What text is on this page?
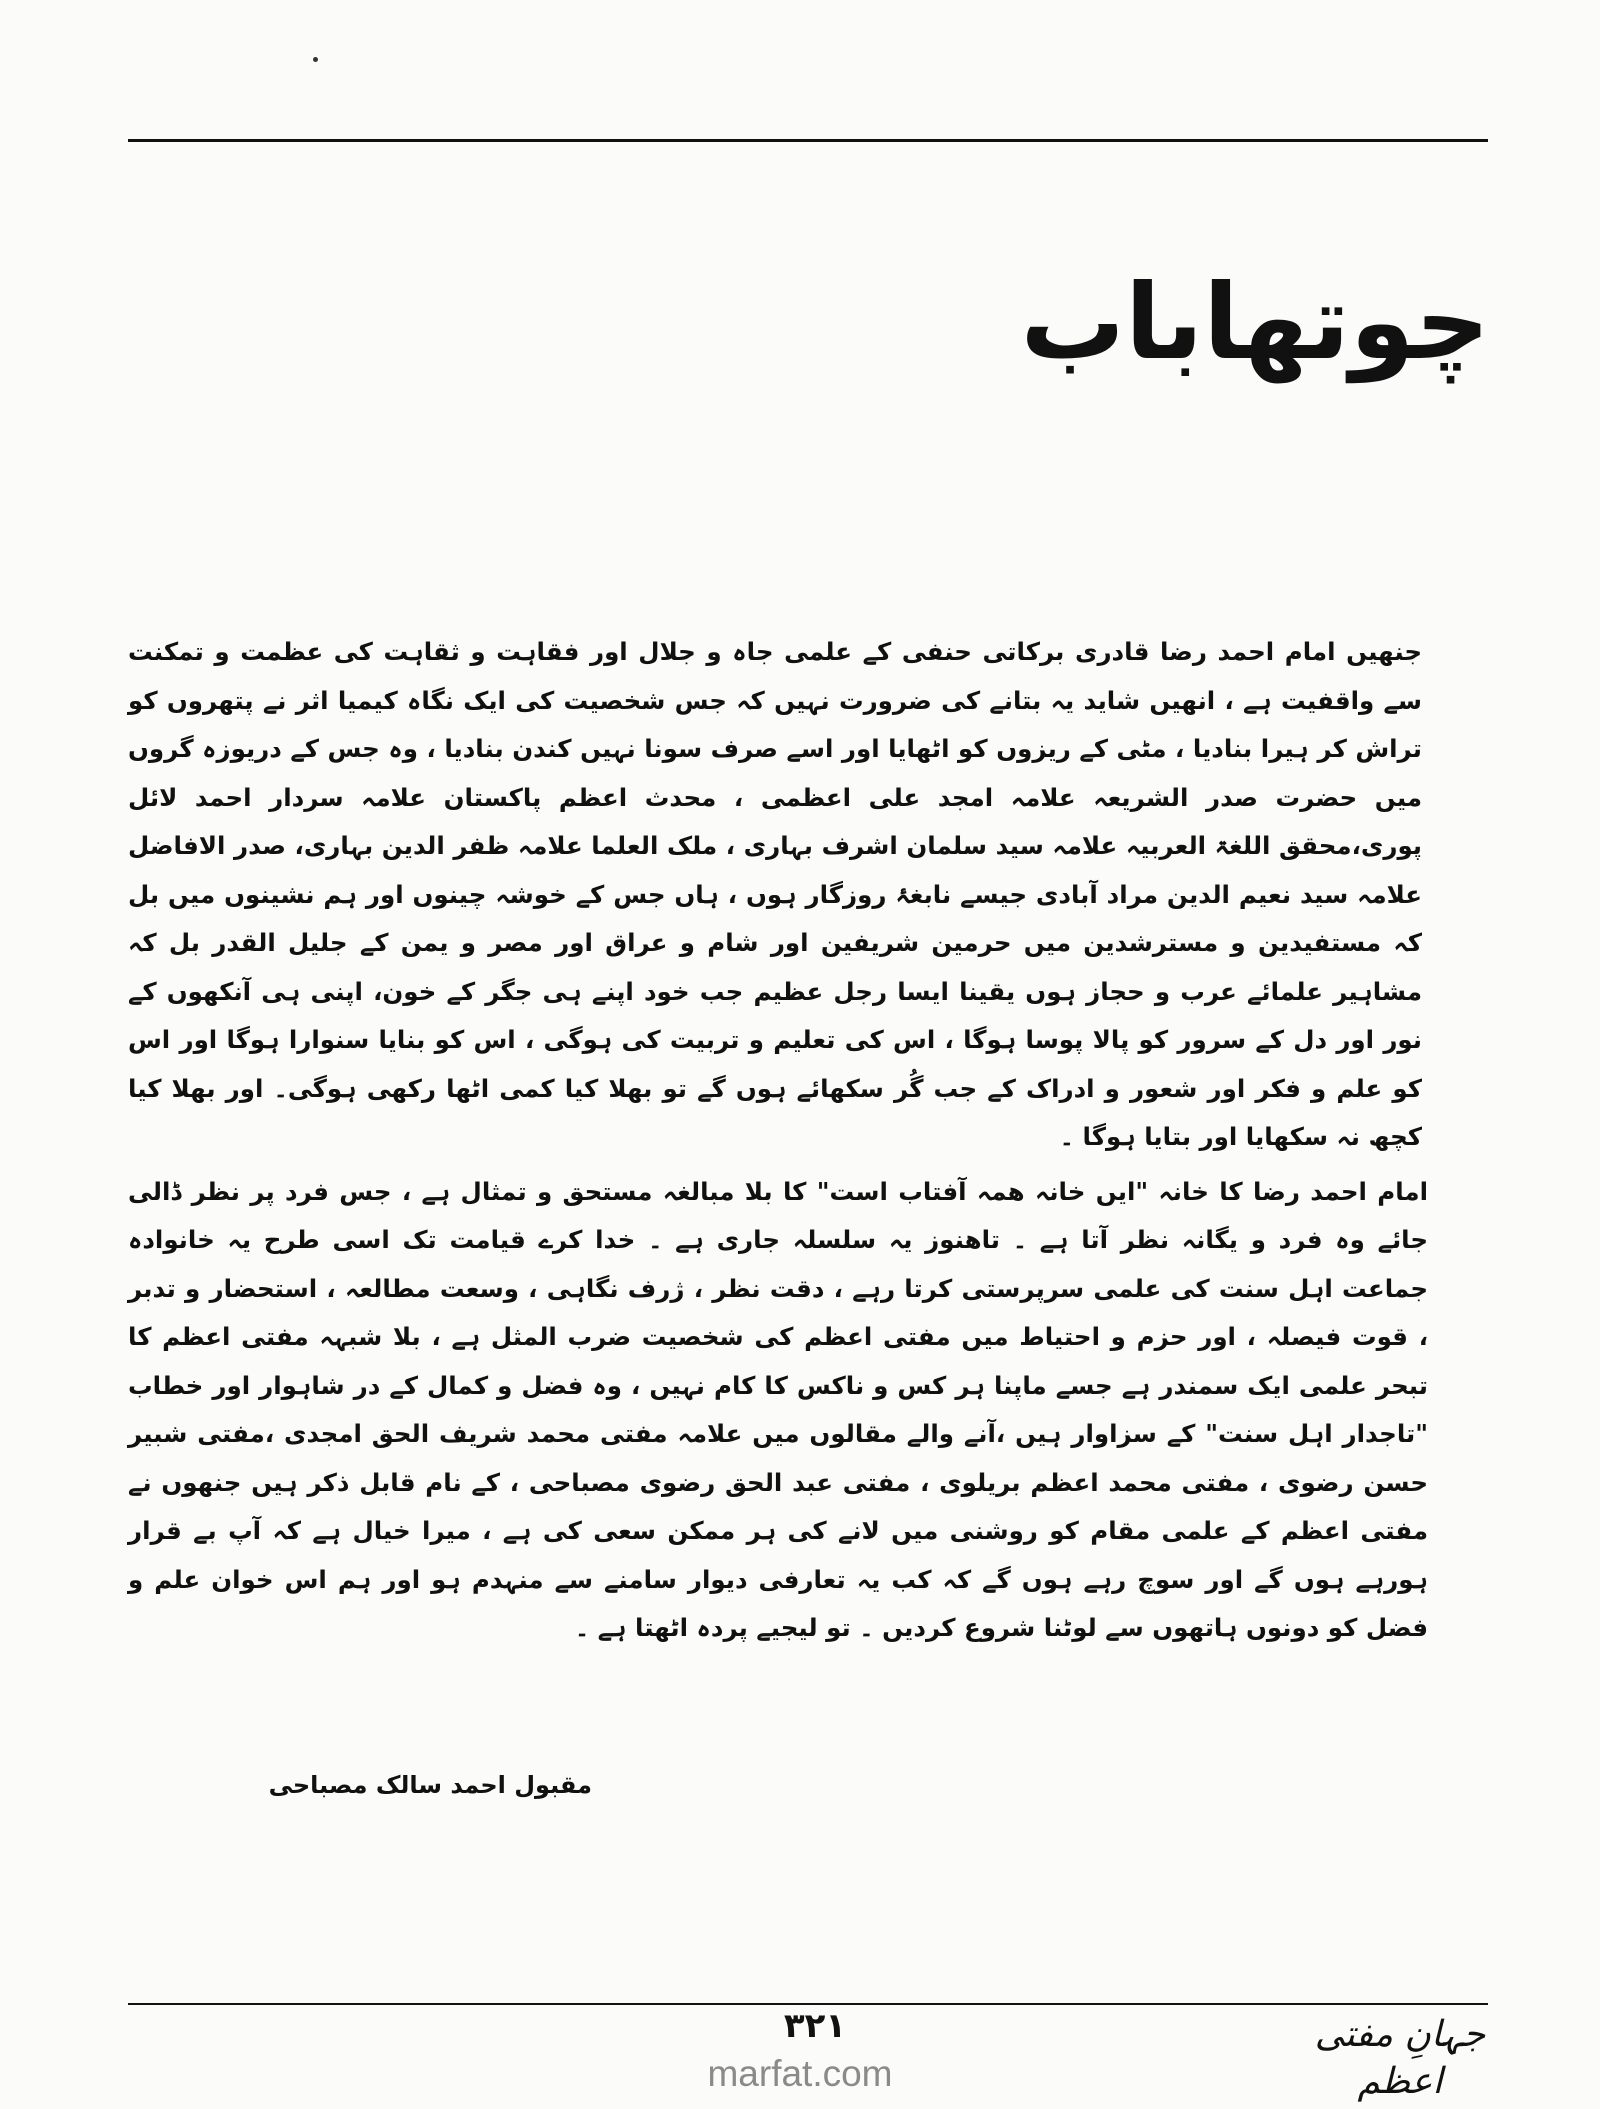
چوتھاباب

جنھیں امام احمد رضا قادری برکاتی حنفی کے علمی جاہ و جلال اور فقاہت و ثقاہت کی عظمت و تمکنت سے واقفیت ہے ، انھیں شاید یہ بتانے کی ضرورت نہیں کہ جس شخصیت کی ایک نگاہ کیمیا اثر نے پتھروں کو تراش کر ہیرا بنادیا ، مٹی کے ریزوں کو اٹھایا اور اسے صرف سونا نہیں کندن بنادیا ، وہ جس کے دریوزہ گروں میں حضرت صدر الشریعہ علامہ امجد علی اعظمی ، محدث اعظم پاکستان علامہ سردار احمد لائل پوری،محقق اللغۃ العربیہ علامہ سید سلمان اشرف بہاری ، ملک العلما علامہ ظفر الدین بہاری، صدر الافاضل علامہ سید نعیم الدین مراد آبادی جیسے نابغۂ روزگار ہوں ، ہاں جس کے خوشہ چینوں اور ہم نشینوں میں بل کہ مستفیدین و مسترشدین میں حرمین شریفین اور شام و عراق اور مصر و یمن کے جلیل القدر بل کہ مشاہیر علمائے عرب و حجاز ہوں یقینا ایسا رجل عظیم جب خود اپنے ہی جگر کے خون، اپنی ہی آنکھوں کے نور اور دل کے سرور کو پالا پوسا ہوگا ، اس کی تعلیم و تربیت کی ہوگی ، اس کو بنایا سنوارا ہوگا اور اس کو علم و فکر اور شعور و ادراک کے جب گُر سکھائے ہوں گے تو بھلا کیا کمی اٹھا رکھی ہوگی۔ اور بھلا کیا کچھ نہ سکھایا اور بتایا ہوگا ۔

امام احمد رضا کا خانہ "ایں خانہ همہ آفتاب است" کا بلا مبالغہ مستحق و تمثال ہے ، جس فرد پر نظر ڈالی جائے وہ فرد و یگانہ نظر آتا ہے ۔ تاھنوز یہ سلسلہ جاری ہے ۔ خدا کرے قیامت تک اسی طرح یہ خانوادہ جماعت اہل سنت کی علمی سرپرستی کرتا رہے ، دقت نظر ، ژرف نگاہی ، وسعت مطالعہ ، استحضار و تدبر ، قوت فیصلہ ، اور حزم و احتیاط میں مفتی اعظم کی شخصیت ضرب المثل ہے ، بلا شبہہ مفتی اعظم کا تبحر علمی ایک سمندر ہے جسے ماپنا ہر کس و ناکس کا کام نہیں ، وہ فضل و کمال کے در شاہوار اور خطاب "تاجدار اہل سنت" کے سزاوار ہیں ،آنے والے مقالوں میں علامہ مفتی محمد شریف الحق امجدی ،مفتی شبیر حسن رضوی ، مفتی محمد اعظم بریلوی ، مفتی عبد الحق رضوی مصباحی ، کے نام قابل ذکر ہیں جنھوں نے مفتی اعظم کے علمی مقام کو روشنی میں لانے کی ہر ممکن سعی کی ہے ، میرا خیال ہے کہ آپ بے قرار ہورہے ہوں گے اور سوچ رہے ہوں گے کہ کب یہ تعارفی دیوار سامنے سے منہدم ہو اور ہم اس خوان علم و فضل کو دونوں ہاتھوں سے لوٹنا شروع کردیں ۔ تو لیجیے پردہ اٹھتا ہے ۔

مقبول احمد سالک مصباحی
۳۲۱	جہانِ مفتی اعظم
marfat.com
